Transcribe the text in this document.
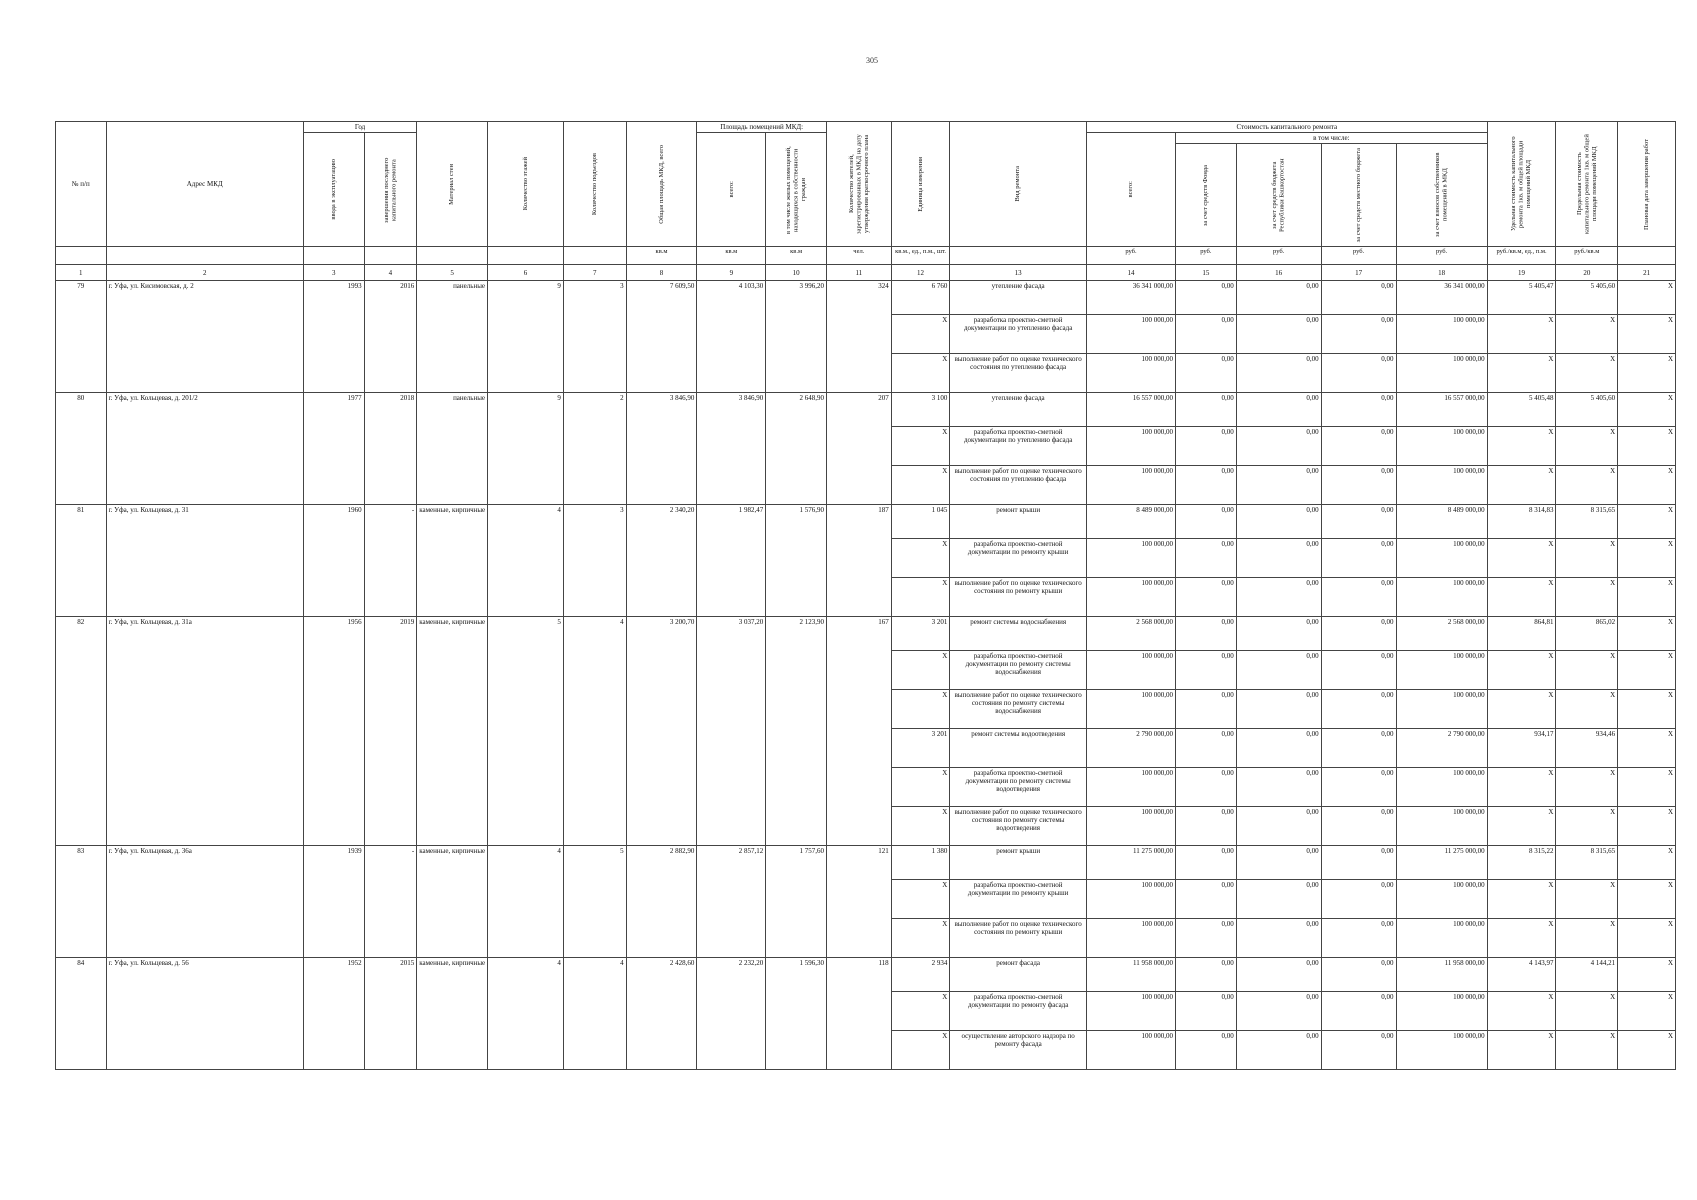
305
№ п/п	Адрес МКД	Год		Материал стен	Количество этажей	Количество подъездов	Общая площадь МКД, всего	Площадь помещений МКД:		Количество жителей, зарегистрированных в МКД на дату утверждения краткосрочного плана	Единица измерения	Вид ремонта	Стоимость капитального ремонта					Удельная стоимость капитального ремонта 1кв. м общей площади помещений МКД	Предельная стоимость капитального ремонта 1кв. м общей площади помещений МКД	Плановая дата завершения работ

		ввода в эксплуатацию	завершения последнего капитального ремонта					всего:	в том числе жилых помещений, находящихся в собственности граждан				всего:	в том числе:						

														за счет средств Фонда	за счет средств бюджета Республики Башкортостан	за счет средств местного бюджета	за счет взносов собственников помещений в МКД			

							кв.м	кв.м	кв.м	чел.	кв.м., ед., п.м., шт.		руб.	руб.	руб.	руб.	руб.	руб./кв.м, ед., п.м.	руб./кв.м	
1	2	3	4	5	6	7	8	9	10	11	12	13	14	15	16	17	18	19	20	21
79	г. Уфа, ул. Кисимовская, д. 2	1993	2016	панельные	9	3	7 609,50	4 103,30	3 996,20	324	6 760	утепление фасада	36 341 000,00	0,00	0,00	0,00	36 341 000,00	5 405,47	5 405,60	X
											X	разработка проектно-сметной документации по утеплению фасада	100 000,00	0,00	0,00	0,00	100 000,00	X	X	X
											X	выполнение работ по оценке технического состояния по утеплению фасада	100 000,00	0,00	0,00	0,00	100 000,00	X	X	X
80	г. Уфа, ул. Кольцевая, д. 201/2	1977	2018	панельные	9	2	3 846,90	3 846,90	2 648,90	207	3 100	утепление фасада	16 557 000,00	0,00	0,00	0,00	16 557 000,00	5 405,48	5 405,60	X
											X	разработка проектно-сметной документации по утеплению фасада	100 000,00	0,00	0,00	0,00	100 000,00	X	X	X
											X	выполнение работ по оценке технического состояния по утеплению фасада	100 000,00	0,00	0,00	0,00	100 000,00	X	X	X
81	г. Уфа, ул. Кольцевая, д. 31	1960	-	каменные, кирпичные	4	3	2 340,20	1 982,47	1 576,90	187	1 045	ремонт крыши	8 489 000,00	0,00	0,00	0,00	8 489 000,00	8 314,83	8 315,65	X
											X	разработка проектно-сметной документации по ремонту крыши	100 000,00	0,00	0,00	0,00	100 000,00	X	X	X
											X	выполнение работ по оценке технического состояния по ремонту крыши	100 000,00	0,00	0,00	0,00	100 000,00	X	X	X
82	г. Уфа, ул. Кольцевая, д. 31а	1956	2019	каменные, кирпичные	5	4	3 200,70	3 037,20	2 123,90	167	3 201	ремонт системы водоснабжения	2 568 000,00	0,00	0,00	0,00	2 568 000,00	864,81	865,02	X
											X	разработка проектно-сметной документации по ремонту системы водоснабжения	100 000,00	0,00	0,00	0,00	100 000,00	X	X	X
											X	выполнение работ по оценке технического состояния по ремонту системы водоснабжения	100 000,00	0,00	0,00	0,00	100 000,00	X	X	X
											3 201	ремонт системы водоотведения	2 790 000,00	0,00	0,00	0,00	2 790 000,00	934,17	934,46	X
											X	разработка проектно-сметной документации по ремонту системы водоотведения	100 000,00	0,00	0,00	0,00	100 000,00	X	X	X
											X	выполнение работ по оценке технического состояния по ремонту системы водоотведения	100 000,00	0,00	0,00	0,00	100 000,00	X	X	X
83	г. Уфа, ул. Кольцевая, д. 36а	1939	-	каменные, кирпичные	4	5	2 882,90	2 857,12	1 757,60	121	1 380	ремонт крыши	11 275 000,00	0,00	0,00	0,00	11 275 000,00	8 315,22	8 315,65	X
											X	разработка проектно-сметной документации по ремонту крыши	100 000,00	0,00	0,00	0,00	100 000,00	X	X	X
											X	выполнение работ по оценке технического состояния по ремонту крыши	100 000,00	0,00	0,00	0,00	100 000,00	X	X	X
84	г. Уфа, ул. Кольцевая, д. 56	1952	2015	каменные, кирпичные	4	4	2 428,60	2 232,20	1 596,30	118	2 934	ремонт фасада	11 958 000,00	0,00	0,00	0,00	11 958 000,00	4 143,97	4 144,21	X
											X	разработка проектно-сметной документации по ремонту фасада	100 000,00	0,00	0,00	0,00	100 000,00	X	X	X
											X	осуществление авторского надзора по ремонту фасада	100 000,00	0,00	0,00	0,00	100 000,00	X	X	X
